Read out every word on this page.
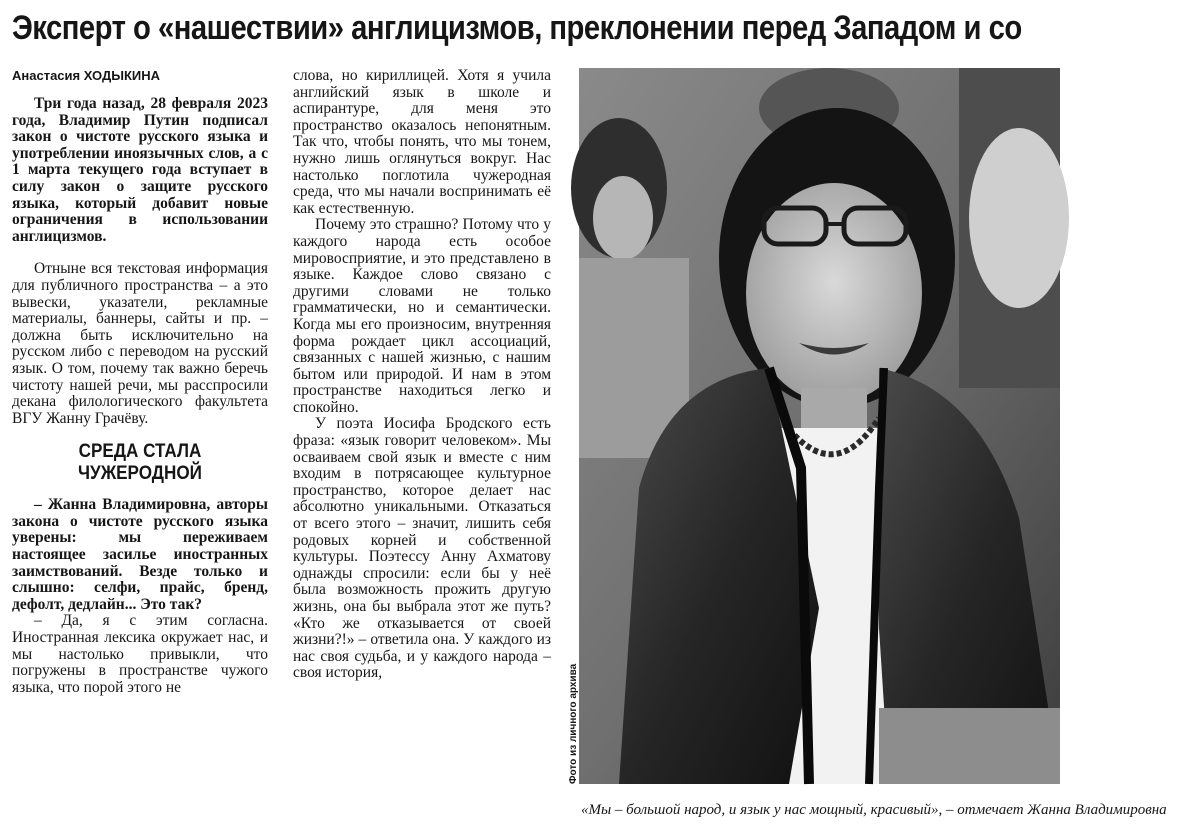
Эксперт о «нашествии» англицизмов, преклонении перед Западом и со
Анастасия ХОДЫКИНА

Три года назад, 28 февраля 2023 года, Владимир Путин подписал закон о чистоте русского языка и употреблении иноязычных слов, а с 1 марта текущего года вступает в силу закон о защите русского языка, который добавит новые ограничения в использовании англицизмов.

Отныне вся текстовая информация для публичного пространства – а это вывески, указатели, рекламные материалы, баннеры, сайты и пр. – должна быть исключительно на русском либо с переводом на русский язык. О том, почему так важно беречь чистоту нашей речи, мы расспросили декана филологического факультета ВГУ Жанну Грачёву.

СРЕДА СТАЛА ЧУЖЕРОДНОЙ

– Жанна Владимировна, авторы закона о чистоте русского языка уверены: мы переживаем настоящее засилье иностранных заимствований. Везде только и слышно: селфи, прайс, бренд, дефолт, дедлайн... Это так?

– Да, я с этим согласна. Иностранная лексика окружает нас, и мы настолько привыкли, что погружены в пространстве чужого языка, что порой этого не

слова, но кириллицей. Хотя я учила английский язык в школе и аспирантуре, для меня это пространство оказалось непонятным. Так что, чтобы понять, что мы тонем, нужно лишь оглянуться вокруг. Нас настолько поглотила чужеродная среда, что мы начали воспринимать её как естественную.

Почему это страшно? Потому что у каждого народа есть особое мировосприятие, и это представлено в языке. Каждое слово связано с другими словами не только грамматически, но и семантически. Когда мы его произносим, внутренняя форма рождает цикл ассоциаций, связанных с нашей жизнью, с нашим бытом или природой. И нам в этом пространстве находиться легко и спокойно.

У поэта Иосифа Бродского есть фраза: «язык говорит человеком». Мы осваиваем свой язык и вместе с ним входим в потрясающее культурное пространство, которое делает нас абсолютно уникальными. Отказаться от всего этого – значит, лишить себя родовых корней и собственной культуры. Поэтессу Анну Ахматову однажды спросили: если бы у неё была возможность прожить другую жизнь, она бы выбрала этот же путь? «Кто же отказывается от своей жизни?!» – ответила она. У каждого из нас своя судьба, и у каждого народа – своя история,	Фото из личного архива
«Мы – большой народ, и язык у нас мощный, красивый», – отмечает Жанна Владимировна
